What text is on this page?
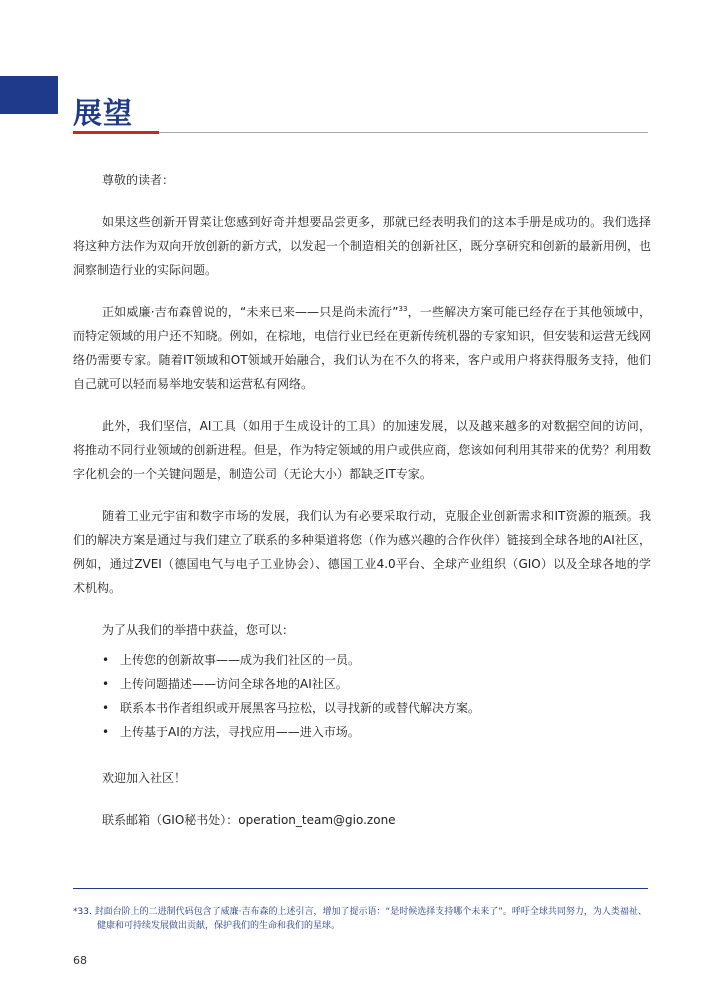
展望

尊敬的读者：

如果这些创新开胃菜让您感到好奇并想要品尝更多，那就已经表明我们的这本手册是成功的。我们选择将这种方法作为双向开放创新的新方式，以发起一个制造相关的创新社区，既分享研究和创新的最新用例，也洞察制造行业的实际问题。

正如威廉·吉布森曾说的，“未来已来——只是尚未流行”$^{33}$，一些解决方案可能已经存在于其他领域中，而特定领域的用户还不知晓。例如，在棕地，电信行业已经在更新传统机器的专家知识，但安装和运营无线网络仍需要专家。随着IT领域和OT领域开始融合，我们认为在不久的将来，客户或用户将获得服务支持，他们自己就可以轻而易举地安装和运营私有网络。

此外，我们坚信，AI工具（如用于生成设计的工具）的加速发展，以及越来越多的对数据空间的访问，将推动不同行业领域的创新进程。但是，作为特定领域的用户或供应商，您该如何利用其带来的优势？利用数字化机会的一个关键问题是，制造公司（无论大小）都缺乏IT专家。

随着工业元宇宙和数字市场的发展，我们认为有必要采取行动，克服企业创新需求和IT资源的瓶颈。我们的解决方案是通过与我们建立了联系的多种渠道将您（作为感兴趣的合作伙伴）链接到全球各地的AI社区，例如，通过ZVEI（德国电气与电子工业协会）、德国工业4.0平台、全球产业组织（GIO）以及全球各地的学术机构。

为了从我们的举措中获益，您可以：

• 上传您的创新故事——成为我们社区的一员。
• 上传问题描述——访问全球各地的AI社区。
• 联系本书作者组织或开展黑客马拉松，以寻找新的或替代解决方案。
• 上传基于AI的方法，寻找应用——进入市场。

欢迎加入社区！

联系邮箱（GIO秘书处）：operation_team@gio.zone

*33. 封面台阶上的二进制代码包含了威廉·吉布森的上述引言，增加了提示语：“是时候选择支持哪个未来了”。呼吁全球共同努力，为人类福祉、健康和可持续发展做出贡献，保护我们的生命和我们的星球。
68
